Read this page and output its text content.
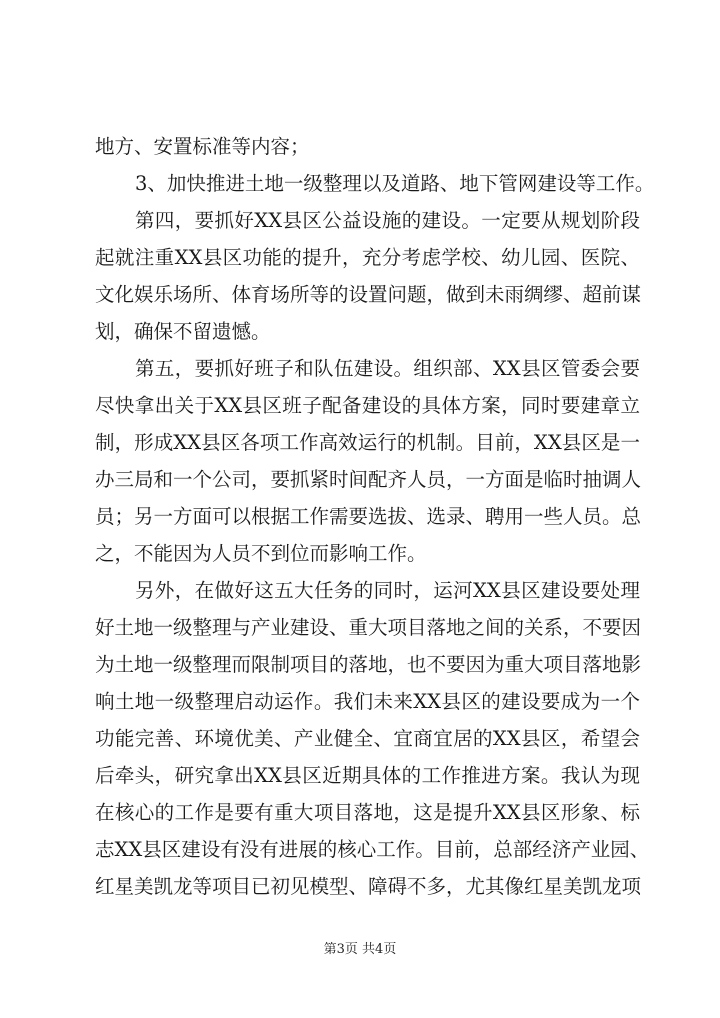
地方、安置标准等内容；
3、加快推进土地一级整理以及道路、地下管网建设等工作。
第四，要抓好XX县区公益设施的建设。一定要从规划阶段
起就注重XX县区功能的提升，充分考虑学校、幼儿园、医院、
文化娱乐场所、体育场所等的设置问题，做到未雨绸缪、超前谋
划，确保不留遗憾。
第五，要抓好班子和队伍建设。组织部、XX县区管委会要
尽快拿出关于XX县区班子配备建设的具体方案，同时要建章立
制，形成XX县区各项工作高效运行的机制。目前，XX县区是一
办三局和一个公司，要抓紧时间配齐人员，一方面是临时抽调人
员；另一方面可以根据工作需要选拔、选录、聘用一些人员。总
之，不能因为人员不到位而影响工作。
另外，在做好这五大任务的同时，运河XX县区建设要处理
好土地一级整理与产业建设、重大项目落地之间的关系，不要因
为土地一级整理而限制项目的落地，也不要因为重大项目落地影
响土地一级整理启动运作。我们未来XX县区的建设要成为一个
功能完善、环境优美、产业健全、宜商宜居的XX县区，希望会
后牵头，研究拿出XX县区近期具体的工作推进方案。我认为现
在核心的工作是要有重大项目落地，这是提升XX县区形象、标
志XX县区建设有没有进展的核心工作。目前，总部经济产业园、
红星美凯龙等项目已初见模型、障碍不多，尤其像红星美凯龙项
第3页 共4页
